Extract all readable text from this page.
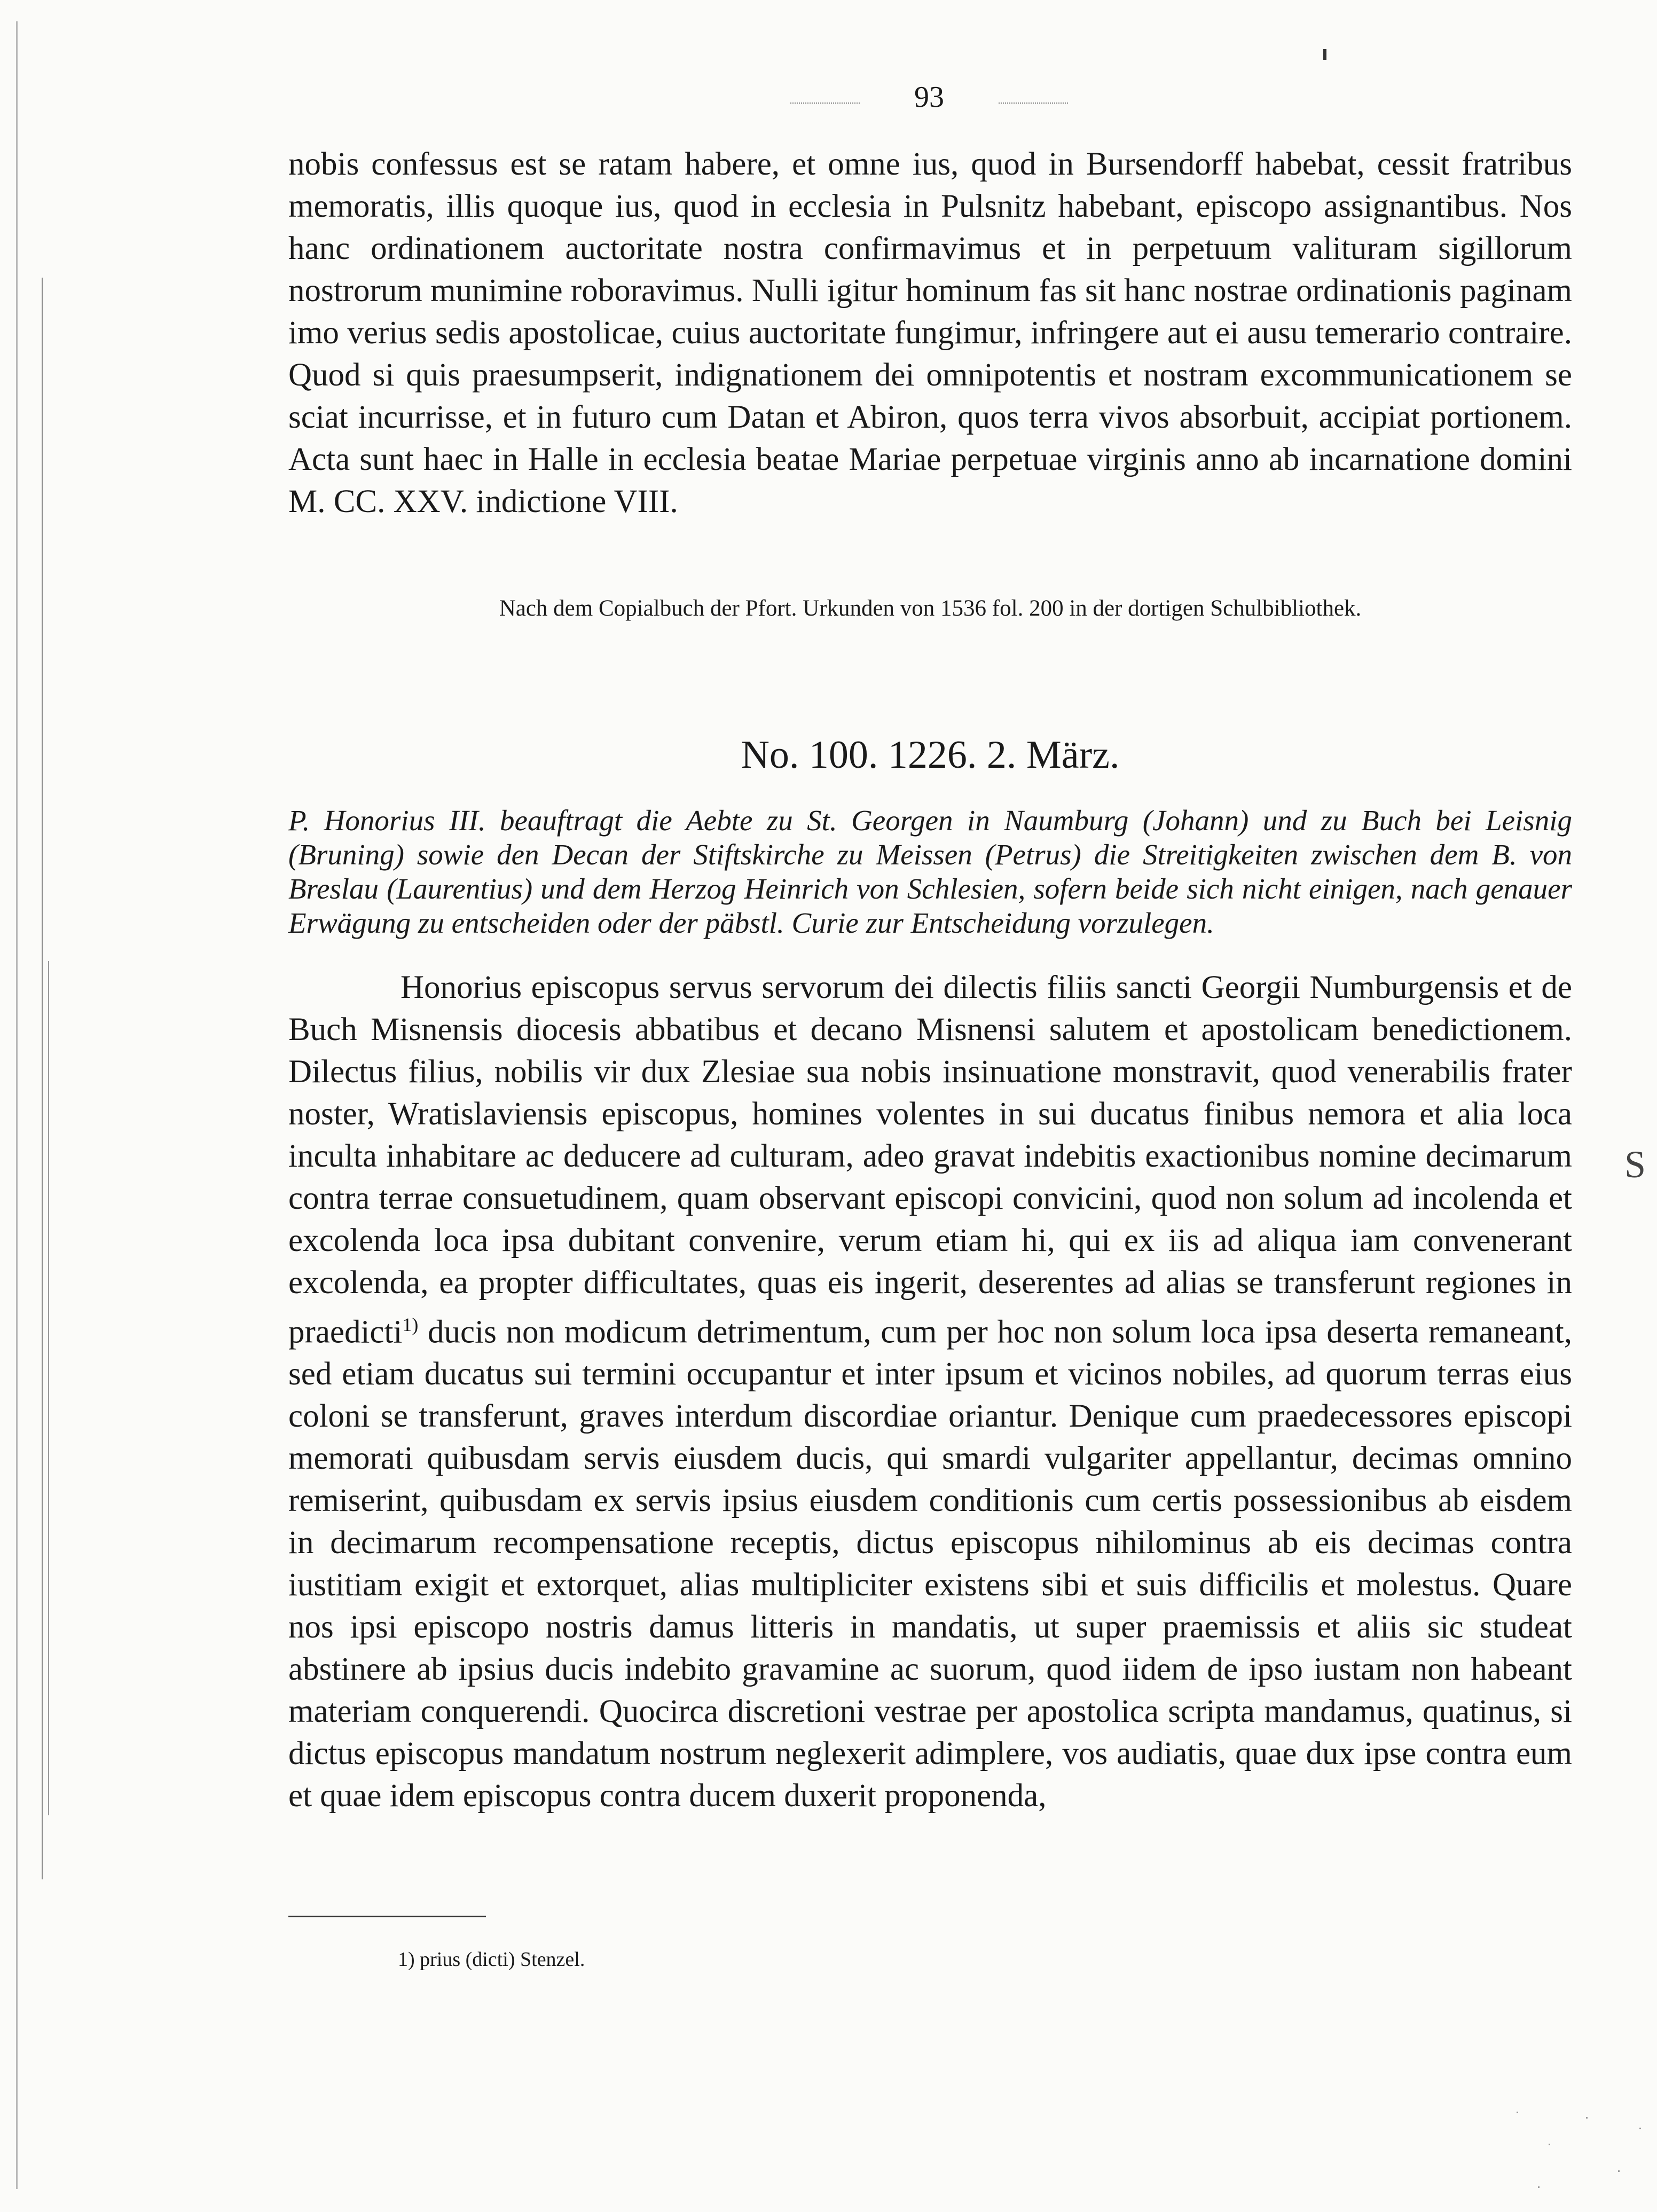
93
nobis confessus est se ratam habere, et omne ius, quod in Bursendorff habebat, cessit fratribus memoratis, illis quoque ius, quod in ecclesia in Pulsnitz habebant, episcopo assignantibus. Nos hanc ordinationem auctoritate nostra confirmavimus et in perpetuum valituram sigillorum nostrorum munimine roboravimus. Nulli igitur hominum fas sit hanc nostrae ordinationis paginam imo verius sedis apostolicae, cuius auctoritate fungimur, infringere aut ei ausu temerario contraire. Quod si quis praesumpserit, indignationem dei omnipotentis et nostram excommunicationem se sciat incurrisse, et in futuro cum Datan et Abiron, quos terra vivos absorbuit, accipiat portionem. Acta sunt haec in Halle in ecclesia beatae Mariae perpetuae virginis anno ab incarnatione domini M. CC. XXV. indictione VIII.
Nach dem Copialbuch der Pfort. Urkunden von 1536 fol. 200 in der dortigen Schulbibliothek.
No. 100. 1226. 2. März.
P. Honorius III. beauftragt die Aebte zu St. Georgen in Naumburg (Johann) und zu Buch bei Leisnig (Bruning) sowie den Decan der Stiftskirche zu Meissen (Petrus) die Streitigkeiten zwischen dem B. von Breslau (Laurentius) und dem Herzog Heinrich von Schlesien, sofern beide sich nicht einigen, nach genauer Erwägung zu entscheiden oder der päbstl. Curie zur Entscheidung vorzulegen.
Honorius episcopus servus servorum dei dilectis filiis sancti Georgii Numburgensis et de Buch Misnensis diocesis abbatibus et decano Misnensi salutem et apostolicam benedictionem. Dilectus filius, nobilis vir dux Zlesiae sua nobis insinuatione monstravit, quod venerabilis frater noster, Wratislaviensis episcopus, homines volentes in sui ducatus finibus nemora et alia loca inculta inhabitare ac deducere ad culturam, adeo gravat indebitis exactionibus nomine decimarum contra terrae consuetudinem, quam observant episcopi convicini, quod non solum ad incolenda et excolenda loca ipsa dubitant convenire, verum etiam hi, qui ex iis ad aliqua iam convenerant excolenda, ea propter difficultates, quas eis ingerit, deserentes ad alias se transferunt regiones in praedicti$^{1)}$ ducis non modicum detrimentum, cum per hoc non solum loca ipsa deserta remaneant, sed etiam ducatus sui termini occupantur et inter ipsum et vicinos nobiles, ad quorum terras eius coloni se transferunt, graves interdum discordiae oriantur. Denique cum praedecessores episcopi memorati quibusdam servis eiusdem ducis, qui smardi vulgariter appellantur, decimas omnino remiserint, quibusdam ex servis ipsius eiusdem conditionis cum certis possessionibus ab eisdem in decimarum recompensatione receptis, dictus episcopus nihilominus ab eis decimas contra iustitiam exigit et extorquet, alias multipliciter existens sibi et suis difficilis et molestus. Quare nos ipsi episcopo nostris damus litteris in mandatis, ut super praemissis et aliis sic studeat abstinere ab ipsius ducis indebito gravamine ac suorum, quod iidem de ipso iustam non habeant materiam conquerendi. Quocirca discretioni vestrae per apostolica scripta mandamus, quatinus, si dictus episcopus mandatum nostrum neglexerit adimplere, vos audiatis, quae dux ipse contra eum et quae idem episcopus contra ducem duxerit proponenda,
S
1) prius (dicti) Stenzel.
